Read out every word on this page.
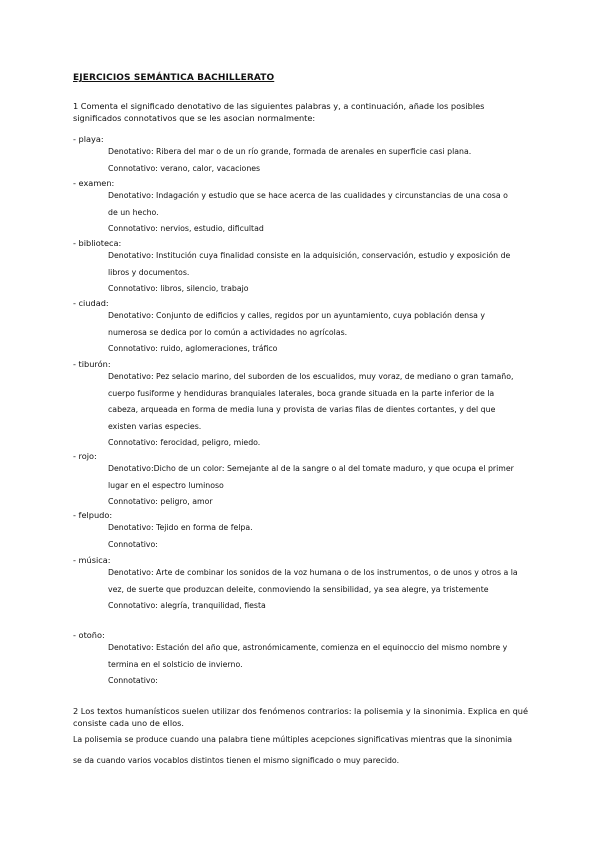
EJERCICIOS SEMÁNTICA BACHILLERATO
1 Comenta el significado denotativo de las siguientes palabras y, a continuación, añade los posibles significados connotativos que se les asocian normalmente:
- playa:
Denotativo: Ribera del mar o de un río grande, formada de arenales en superficie casi plana.
Connotativo: verano, calor, vacaciones
- examen:
Denotativo: Indagación y estudio que se hace acerca de las cualidades y circunstancias de una cosa o de un hecho.
Connotativo: nervios, estudio, dificultad
- biblioteca:
Denotativo: Institución cuya finalidad consiste en la adquisición, conservación, estudio y exposición de libros y documentos.
Connotativo: libros, silencio, trabajo
- ciudad:
Denotativo: Conjunto de edificios y calles, regidos por un ayuntamiento, cuya población densa y numerosa se dedica por lo común a actividades no agrícolas.
Connotativo: ruido, aglomeraciones, tráfico
- tiburón:
Denotativo: Pez selacio marino, del suborden de los escualidos, muy voraz, de mediano o gran tamaño, cuerpo fusiforme y hendiduras branquiales laterales, boca grande situada en la parte inferior de la cabeza, arqueada en forma de media luna y provista de varias filas de dientes cortantes, y del que existen varias especies.
Connotativo: ferocidad, peligro, miedo.
- rojo:
Denotativo:Dicho de un color: Semejante al de la sangre o al del tomate maduro, y que ocupa el primer lugar en el espectro luminoso
Connotativo: peligro, amor
- felpudo:
Denotativo: Tejido en forma de felpa.
Connotativo:
- música:
Denotativo: Arte de combinar los sonidos de la voz humana o de los instrumentos, o de unos y otros a la vez, de suerte que produzcan deleite, conmoviendo la sensibilidad, ya sea alegre, ya tristemente
Connotativo: alegría, tranquilidad, fiesta
- otoño:
Denotativo: Estación del año que, astronómicamente, comienza en el equinoccio del mismo nombre y termina en el solsticio de invierno.
Connotativo:
2 Los textos humanísticos suelen utilizar dos fenómenos contrarios: la polisemia y la sinonimia. Explica en qué consiste cada uno de ellos.
La polisemia se produce cuando una palabra tiene múltiples acepciones significativas mientras que la sinonimia se da cuando varios vocablos distintos tienen el mismo significado o muy parecido.
